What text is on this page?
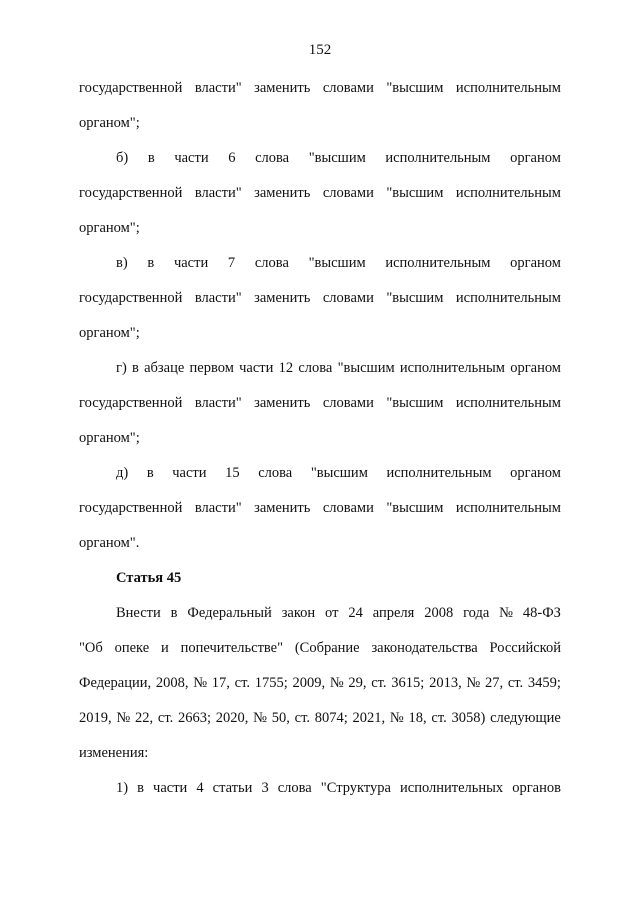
152
государственной власти" заменить словами "высшим исполнительным
органом";
б) в части 6 слова "высшим исполнительным органом
государственной власти" заменить словами "высшим исполнительным
органом";
в) в части 7 слова "высшим исполнительным органом
государственной власти" заменить словами "высшим исполнительным
органом";
г) в абзаце первом части 12 слова "высшим исполнительным органом
государственной власти" заменить словами "высшим исполнительным
органом";
д) в части 15 слова "высшим исполнительным органом
государственной власти" заменить словами "высшим исполнительным
органом".
Статья 45
Внести в Федеральный закон от 24 апреля 2008 года № 48-ФЗ
"Об опеке и попечительстве" (Собрание законодательства Российской
Федерации, 2008, № 17, ст. 1755; 2009, № 29, ст. 3615; 2013, № 27, ст. 3459;
2019, № 22, ст. 2663; 2020, № 50, ст. 8074; 2021, № 18, ст. 3058) следующие
изменения:
1) в части 4 статьи 3 слова "Структура исполнительных органов
